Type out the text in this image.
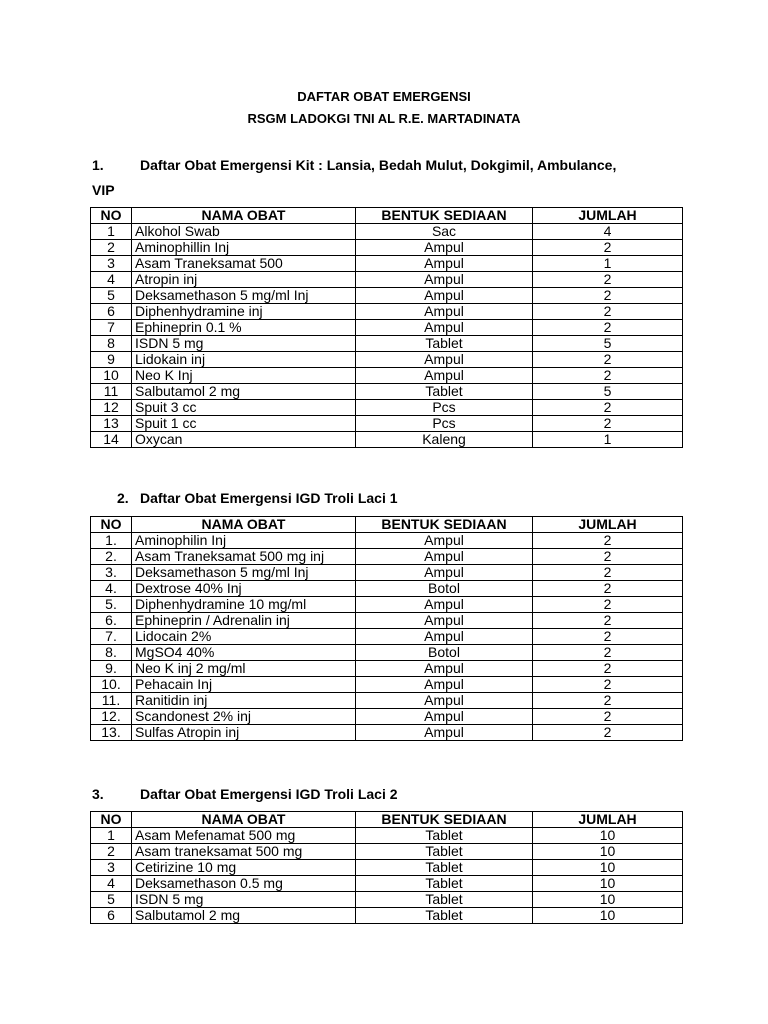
DAFTAR OBAT EMERGENSI
RSGM LADOKGI TNI AL R.E. MARTADINATA
1.	Daftar Obat Emergensi Kit : Lansia, Bedah Mulut, Dokgimil, Ambulance,
VIP
NO	NAMA OBAT	BENTUK SEDIAAN	JUMLAH
1	Alkohol Swab	Sac	4
2	Aminophillin Inj	Ampul	2
3	Asam Traneksamat 500	Ampul	1
4	Atropin inj	Ampul	2
5	Deksamethason 5 mg/ml Inj	Ampul	2
6	Diphenhydramine inj	Ampul	2
7	Ephineprin 0.1 %	Ampul	2
8	ISDN 5 mg	Tablet	5
9	Lidokain inj	Ampul	2
10	Neo K Inj	Ampul	2
11	Salbutamol 2 mg	Tablet	5
12	Spuit 3 cc	Pcs	2
13	Spuit 1 cc	Pcs	2
14	Oxycan	Kaleng	1
2. Daftar Obat Emergensi IGD Troli Laci 1
NO	NAMA OBAT	BENTUK SEDIAAN	JUMLAH
1.	Aminophilin Inj	Ampul	2
2.	Asam Traneksamat 500 mg inj	Ampul	2
3.	Deksamethason 5 mg/ml Inj	Ampul	2
4.	Dextrose 40% Inj	Botol	2
5.	Diphenhydramine 10 mg/ml	Ampul	2
6.	Ephineprin / Adrenalin inj	Ampul	2
7.	Lidocain 2%	Ampul	2
8.	MgSO4 40%	Botol	2
9.	Neo K inj 2 mg/ml	Ampul	2
10.	Pehacain Inj	Ampul	2
11.	Ranitidin inj	Ampul	2
12.	Scandonest 2% inj	Ampul	2
13.	Sulfas Atropin inj	Ampul	2
3.	Daftar Obat Emergensi IGD Troli Laci 2
NO	NAMA OBAT	BENTUK SEDIAAN	JUMLAH
1	Asam Mefenamat 500 mg	Tablet	10
2	Asam traneksamat 500 mg	Tablet	10
3	Cetirizine 10 mg	Tablet	10
4	Deksamethason 0.5 mg	Tablet	10
5	ISDN 5 mg	Tablet	10
6	Salbutamol 2 mg	Tablet	10
